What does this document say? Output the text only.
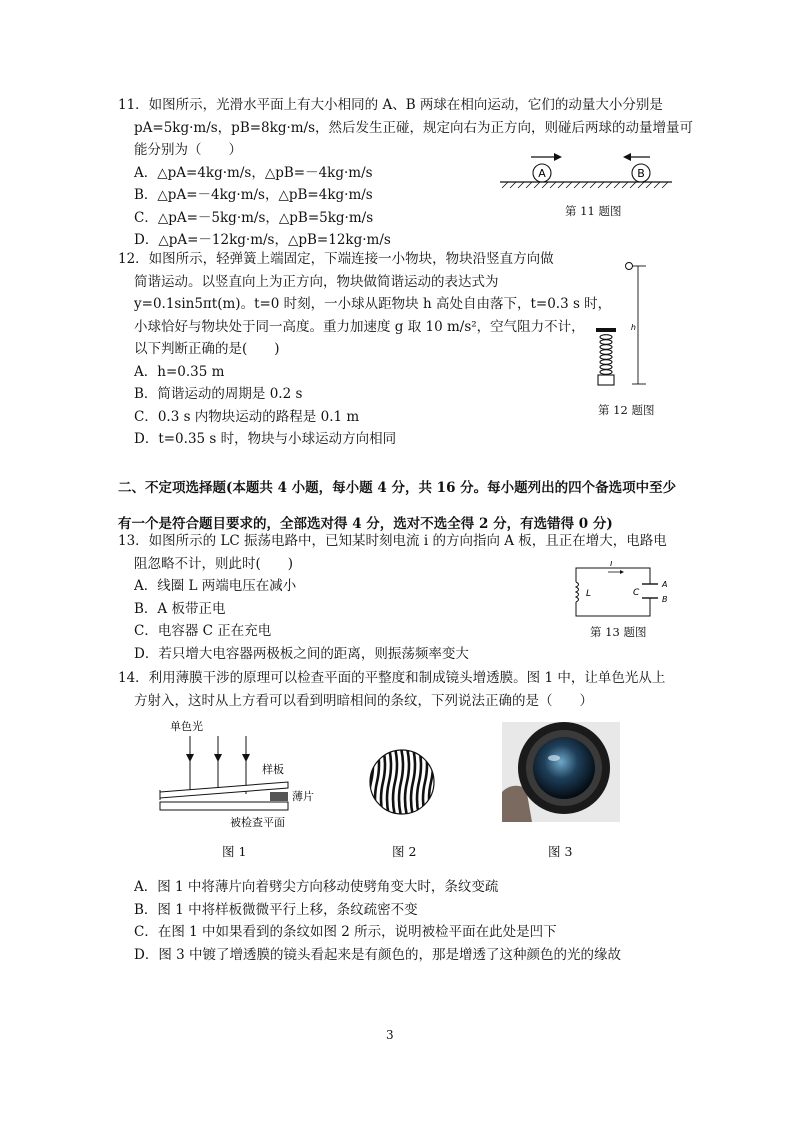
11．如图所示，光滑水平面上有大小相同的 A、B 两球在相向运动，它们的动量大小分别是
pA=5kg·m/s，pB=8kg·m/s，然后发生正碰，规定向右为正方向，则碰后两球的动量增量可
能分别为（　　）
A．△pA=4kg·m/s，△pB=－4kg·m/s
B．△pA=－4kg·m/s，△pB=4kg·m/s
C．△pA=－5kg·m/s，△pB=5kg·m/s
D．△pA=－12kg·m/s，△pB=12kg·m/s
A	B
第 11 题图
12．如图所示，轻弹簧上端固定，下端连接一小物块，物块沿竖直方向做
简谐运动。以竖直向上为正方向，物块做简谐运动的表达式为
y=0.1sin5πt(m)。t=0 时刻，一小球从距物块 h 高处自由落下，t=0.3 s 时，
小球恰好与物块处于同一高度。重力加速度 g 取 10 m/s²，空气阻力不计，
以下判断正确的是(　　)
A．h=0.35 m
B．简谐运动的周期是 0.2 s
C．0.3 s 内物块运动的路程是 0.1 m
D．t=0.35 s 时，物块与小球运动方向相同
h
第 12 题图
二、不定项选择题(本题共 4 小题，每小题 4 分，共 16 分。每小题列出的四个备选项中至少
有一个是符合题目要求的，全部选对得 4 分，选对不选全得 2 分，有选错得 0 分)
13．如图所示的 LC 振荡电路中，已知某时刻电流 i 的方向指向 A 板，且正在增大，电路电
阻忽略不计，则此时(　　)
A．线圈 L 两端电压在减小
B．A 板带正电
C．电容器 C 正在充电
D．若只增大电容器两极板之间的距离，则振荡频率变大
L
A
B
C
i
第 13 题图
14．利用薄膜干涉的原理可以检查平面的平整度和制成镜头增透膜。图 1 中，让单色光从上
方射入，这时从上方看可以看到明暗相间的条纹，下列说法正确的是（　　）
单色光
样板
薄片
被检查平面
图 1	图 2	图 3
A．图 1 中将薄片向着劈尖方向移动使劈角变大时，条纹变疏
B．图 1 中将样板微微平行上移，条纹疏密不变
C．在图 1 中如果看到的条纹如图 2 所示，说明被检平面在此处是凹下
D．图 3 中镀了增透膜的镜头看起来是有颜色的，那是增透了这种颜色的光的缘故
3
